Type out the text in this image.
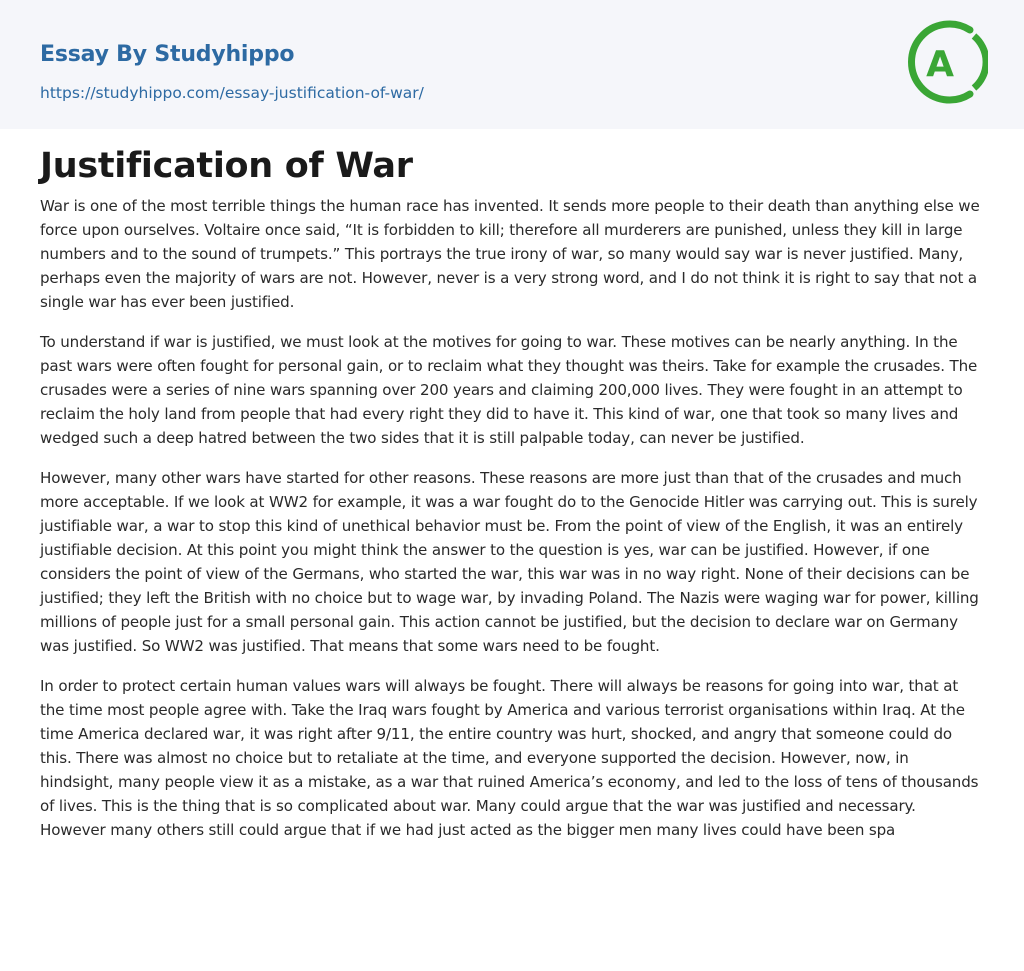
Essay By Studyhippo
https://studyhippo.com/essay-justification-of-war/
A
Justification of War

War is one of the most terrible things the human race has invented. It sends more people to their death than anything else we force upon ourselves. Voltaire once said, “It is forbidden to kill; therefore all murderers are punished, unless they kill in large numbers and to the sound of trumpets.” This portrays the true irony of war, so many would say war is never justified. Many, perhaps even the majority of wars are not. However, never is a very strong word, and I do not think it is right to say that not a single war has ever been justified.

To understand if war is justified, we must look at the motives for going to war. These motives can be nearly anything. In the past wars were often fought for personal gain, or to reclaim what they thought was theirs. Take for example the crusades. The crusades were a series of nine wars spanning over 200 years and claiming 200,000 lives. They were fought in an attempt to reclaim the holy land from people that had every right they did to have it. This kind of war, one that took so many lives and wedged such a deep hatred between the two sides that it is still palpable today, can never be justified.

However, many other wars have started for other reasons. These reasons are more just than that of the crusades and much more acceptable. If we look at WW2 for example, it was a war fought do to the Genocide Hitler was carrying out. This is surely justifiable war, a war to stop this kind of unethical behavior must be. From the point of view of the English, it was an entirely justifiable decision. At this point you might think the answer to the question is yes, war can be justified. However, if one considers the point of view of the Germans, who started the war, this war was in no way right. None of their decisions can be justified; they left the British with no choice but to wage war, by invading Poland. The Nazis were waging war for power, killing millions of people just for a small personal gain. This action cannot be justified, but the decision to declare war on Germany was justified. So WW2 was justified. That means that some wars need to be fought.

In order to protect certain human values wars will always be fought. There will always be reasons for going into war, that at the time most people agree with. Take the Iraq wars fought by America and various terrorist organisations within Iraq. At the time America declared war, it was right after 9/11, the entire country was hurt, shocked, and angry that someone could do this. There was almost no choice but to retaliate at the time, and everyone supported the decision. However, now, in hindsight, many people view it as a mistake, as a war that ruined America’s economy, and led to the loss of tens of thousands of lives. This is the thing that is so complicated about war. Many could argue that the war was justified and necessary. However many others still could argue that if we had just acted as the bigger men many lives could have been spa
